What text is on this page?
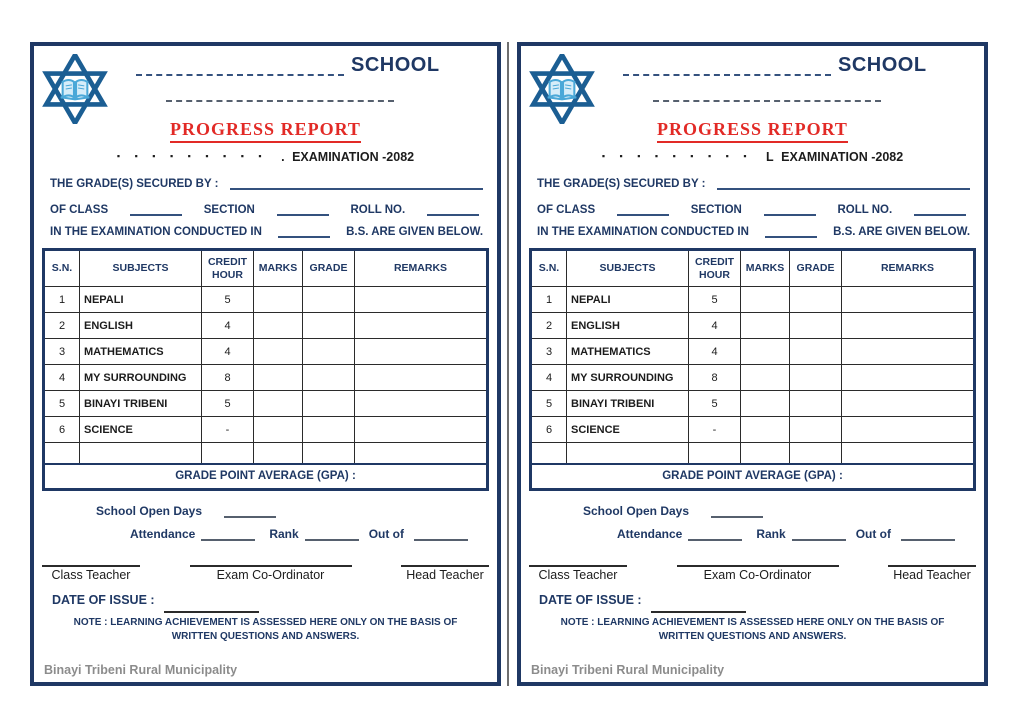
SCHOOL
PROGRESS REPORT
▪ ▪ ▪ ▪ ▪ ▪ ▪ ▪ ▪ . EXAMINATION -2082
THE GRADE(S) SECURED BY :
OF CLASS	SECTION	ROLL NO.
IN THE EXAMINATION CONDUCTED IN	B.S. ARE GIVEN BELOW.
S.N.	SUBJECTS	CREDIT HOUR	MARKS	GRADE	REMARKS
1	NEPALI	5			
2	ENGLISH	4			
3	MATHEMATICS	4			
4	MY SURROUNDING	8			
5	BINAYI TRIBENI	5			
6	SCIENCE	-			

GRADE POINT AVERAGE (GPA) :					
School Open Days
Attendance	Rank	Out of
Class Teacher	Exam Co-Ordinator	Head Teacher
DATE OF ISSUE :
NOTE : LEARNING ACHIEVEMENT IS ASSESSED HERE ONLY ON THE BASIS OF
WRITTEN QUESTIONS AND ANSWERS.
Binayi Tribeni Rural Municipality
SCHOOL
PROGRESS REPORT
▪ ▪ ▪ ▪ ▪ ▪ ▪ ▪ ▪ L EXAMINATION -2082
THE GRADE(S) SECURED BY :
OF CLASS	SECTION	ROLL NO.
IN THE EXAMINATION CONDUCTED IN	B.S. ARE GIVEN BELOW.
S.N.	SUBJECTS	CREDIT HOUR	MARKS	GRADE	REMARKS
1	NEPALI	5			
2	ENGLISH	4			
3	MATHEMATICS	4			
4	MY SURROUNDING	8			
5	BINAYI TRIBENI	5			
6	SCIENCE	-			

GRADE POINT AVERAGE (GPA) :					
School Open Days
Attendance	Rank	Out of
Class Teacher	Exam Co-Ordinator	Head Teacher
DATE OF ISSUE :
NOTE : LEARNING ACHIEVEMENT IS ASSESSED HERE ONLY ON THE BASIS OF
WRITTEN QUESTIONS AND ANSWERS.
Binayi Tribeni Rural Municipality
